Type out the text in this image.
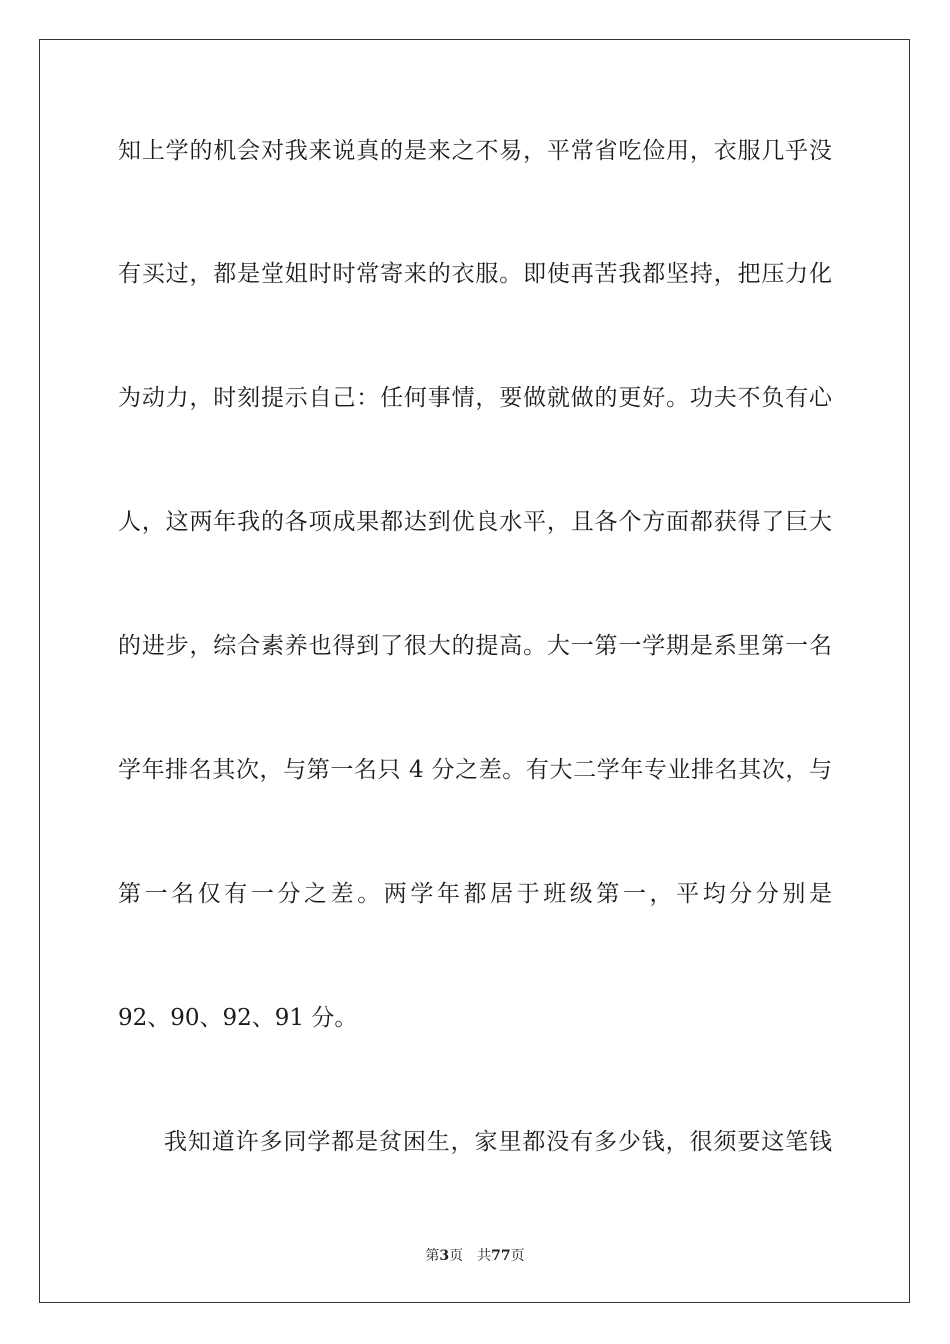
知上学的机会对我来说真的是来之不易，平常省吃俭用，衣服几乎没
有买过，都是堂姐时时常寄来的衣服。即使再苦我都坚持，把压力化
为动力，时刻提示自己：任何事情，要做就做的更好。功夫不负有心
人，这两年我的各项成果都达到优良水平，且各个方面都获得了巨大
的进步，综合素养也得到了很大的提高。大一第一学期是系里第一名
学年排名其次，与第一名只 4 分之差。有大二学年专业排名其次，与
第一名仅有一分之差。两学年都居于班级第一，平均分分别是
92、90、92、91 分。
我知道许多同学都是贫困生，家里都没有多少钱，很须要这笔钱
第3页 共77页
